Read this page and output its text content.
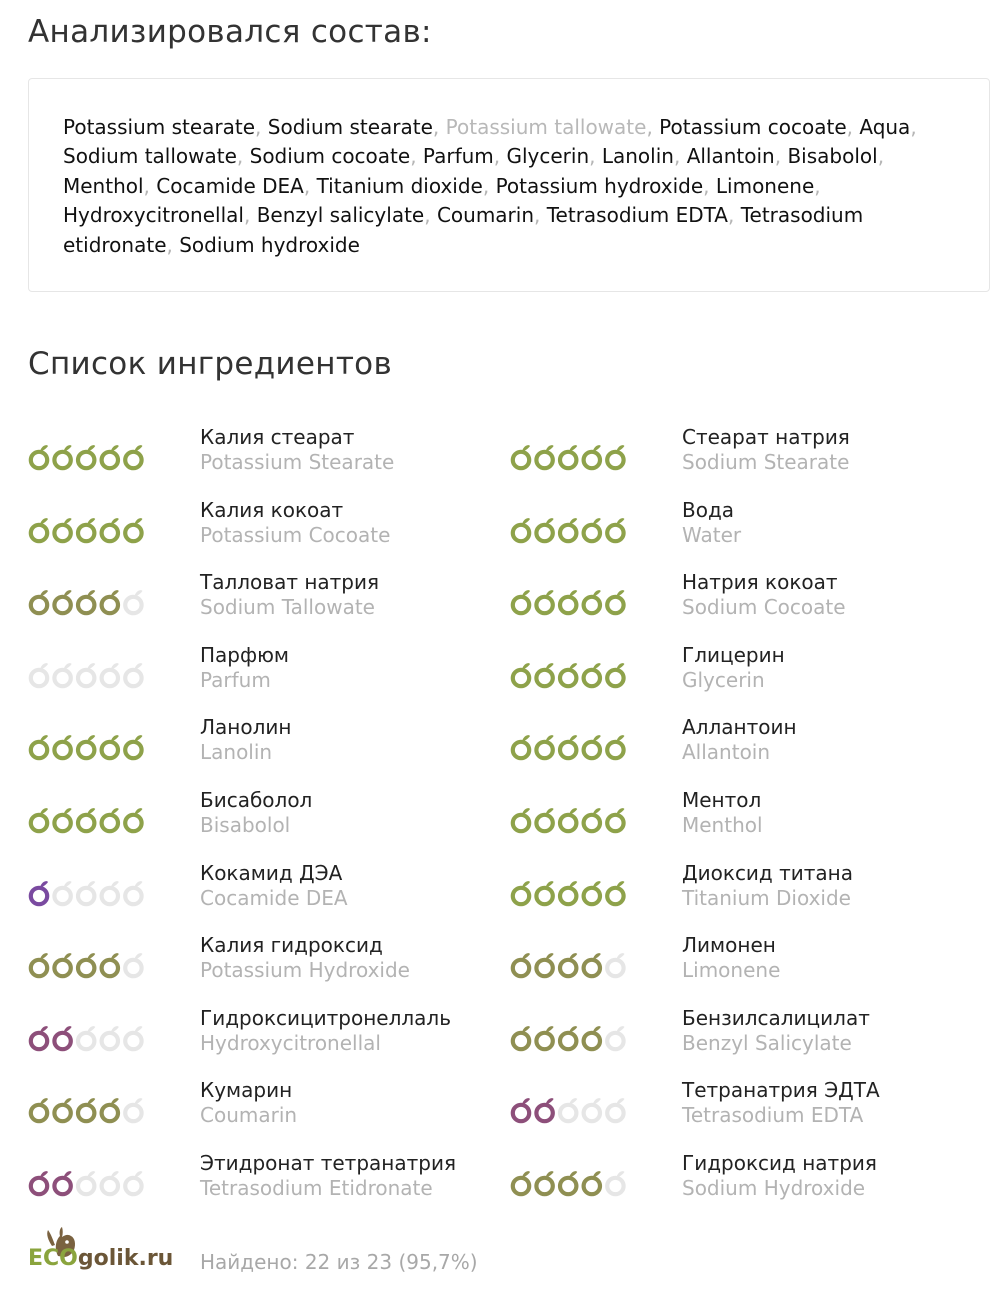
Анализировался состав:
Potassium stearate, Sodium stearate, Potassium tallowate, Potassium cocoate, Aqua, Sodium tallowate, Sodium cocoate, Parfum, Glycerin, Lanolin, Allantoin, Bisabolol, Menthol, Cocamide DEA, Titanium dioxide, Potassium hydroxide, Limonene, Hydroxycitronellal, Benzyl salicylate, Coumarin, Tetrasodium EDTA, Tetrasodium etidronate, Sodium hydroxide
Список ингредиентов
Калия стеарат
Potassium Stearate
Стеарат натрия
Sodium Stearate
Калия кокоат
Potassium Cocoate
Вода
Water
Талловат натрия
Sodium Tallowate
Натрия кокоат
Sodium Cocoate
Парфюм
Parfum
Глицерин
Glycerin
Ланолин
Lanolin
Аллантоин
Allantoin
Бисаболол
Bisabolol
Ментол
Menthol
Кокамид ДЭА
Cocamide DEA
Диоксид титана
Titanium Dioxide
Калия гидроксид
Potassium Hydroxide
Лимонен
Limonene
Гидроксицитронеллаль
Hydroxycitronellal
Бензилсалицилат
Benzyl Salicylate
Кумарин
Coumarin
Тетранатрия ЭДТА
Tetrasodium EDTA
Этидронат тетранатрия
Tetrasodium Etidronate
Гидроксид натрия
Sodium Hydroxide
ECOgolik.ru Найдено: 22 из 23 (95,7%)
